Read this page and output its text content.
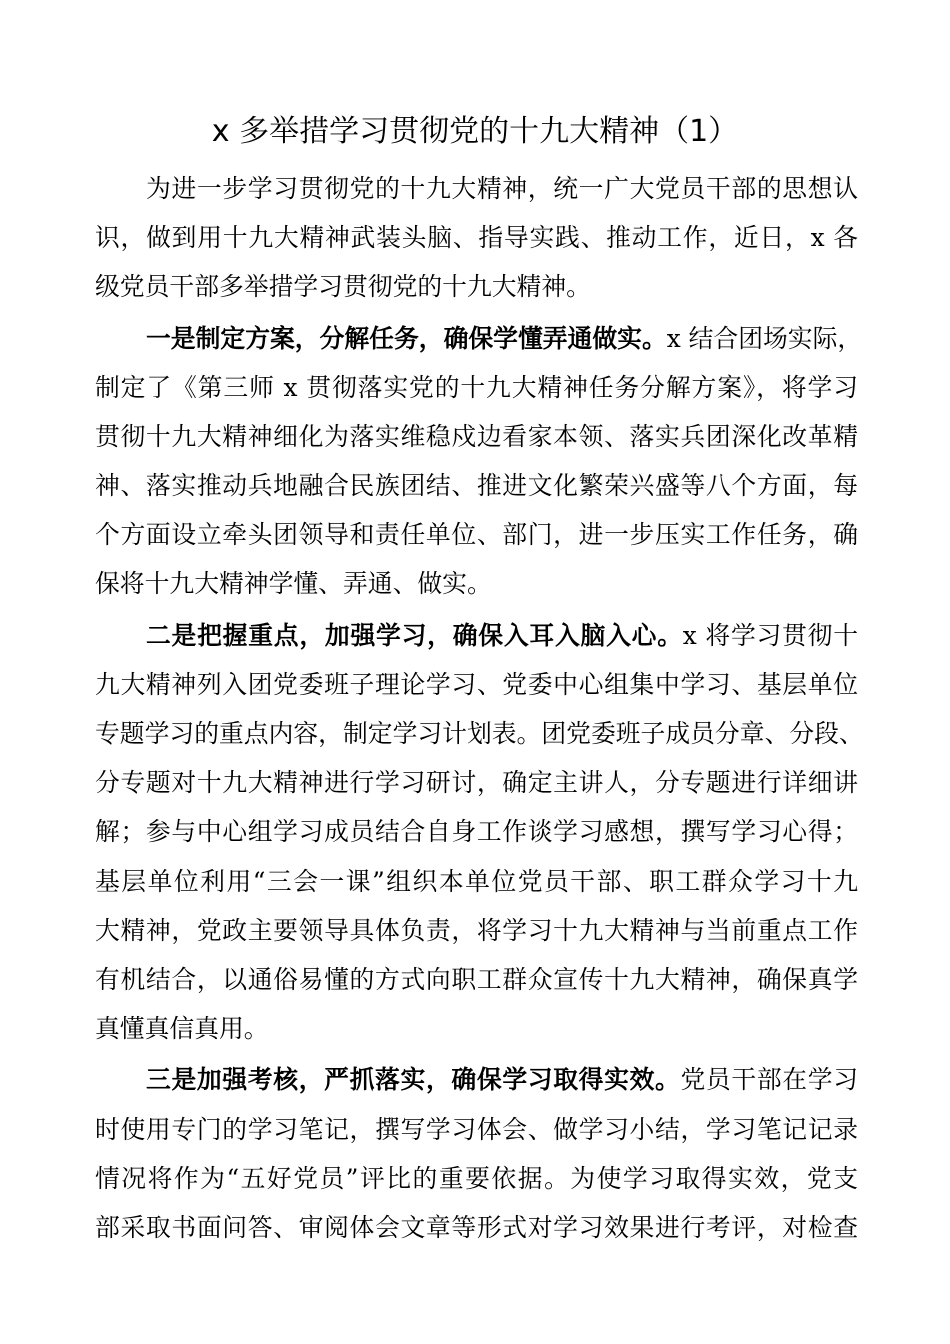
x 多举措学习贯彻党的十九大精神（1）
为进一步学习贯彻党的十九大精神，统一广大党员干部的思想认
识，做到用十九大精神武装头脑、指导实践、推动工作，近日，x 各
级党员干部多举措学习贯彻党的十九大精神。
一是制定方案，分解任务，确保学懂弄通做实。x 结合团场实际，
制定了《第三师 x 贯彻落实党的十九大精神任务分解方案》，将学习
贯彻十九大精神细化为落实维稳戍边看家本领、落实兵团深化改革精
神、落实推动兵地融合民族团结、推进文化繁荣兴盛等八个方面，每
个方面设立牵头团领导和责任单位、部门，进一步压实工作任务，确
保将十九大精神学懂、弄通、做实。
二是把握重点，加强学习，确保入耳入脑入心。x 将学习贯彻十
九大精神列入团党委班子理论学习、党委中心组集中学习、基层单位
专题学习的重点内容，制定学习计划表。团党委班子成员分章、分段、
分专题对十九大精神进行学习研讨，确定主讲人，分专题进行详细讲
解；参与中心组学习成员结合自身工作谈学习感想，撰写学习心得；
基层单位利用“三会一课”组织本单位党员干部、职工群众学习十九
大精神，党政主要领导具体负责，将学习十九大精神与当前重点工作
有机结合，以通俗易懂的方式向职工群众宣传十九大精神，确保真学
真懂真信真用。
三是加强考核，严抓落实，确保学习取得实效。党员干部在学习
时使用专门的学习笔记，撰写学习体会、做学习小结，学习笔记记录
情况将作为“五好党员”评比的重要依据。为使学习取得实效，党支
部采取书面问答、审阅体会文章等形式对学习效果进行考评，对检查
